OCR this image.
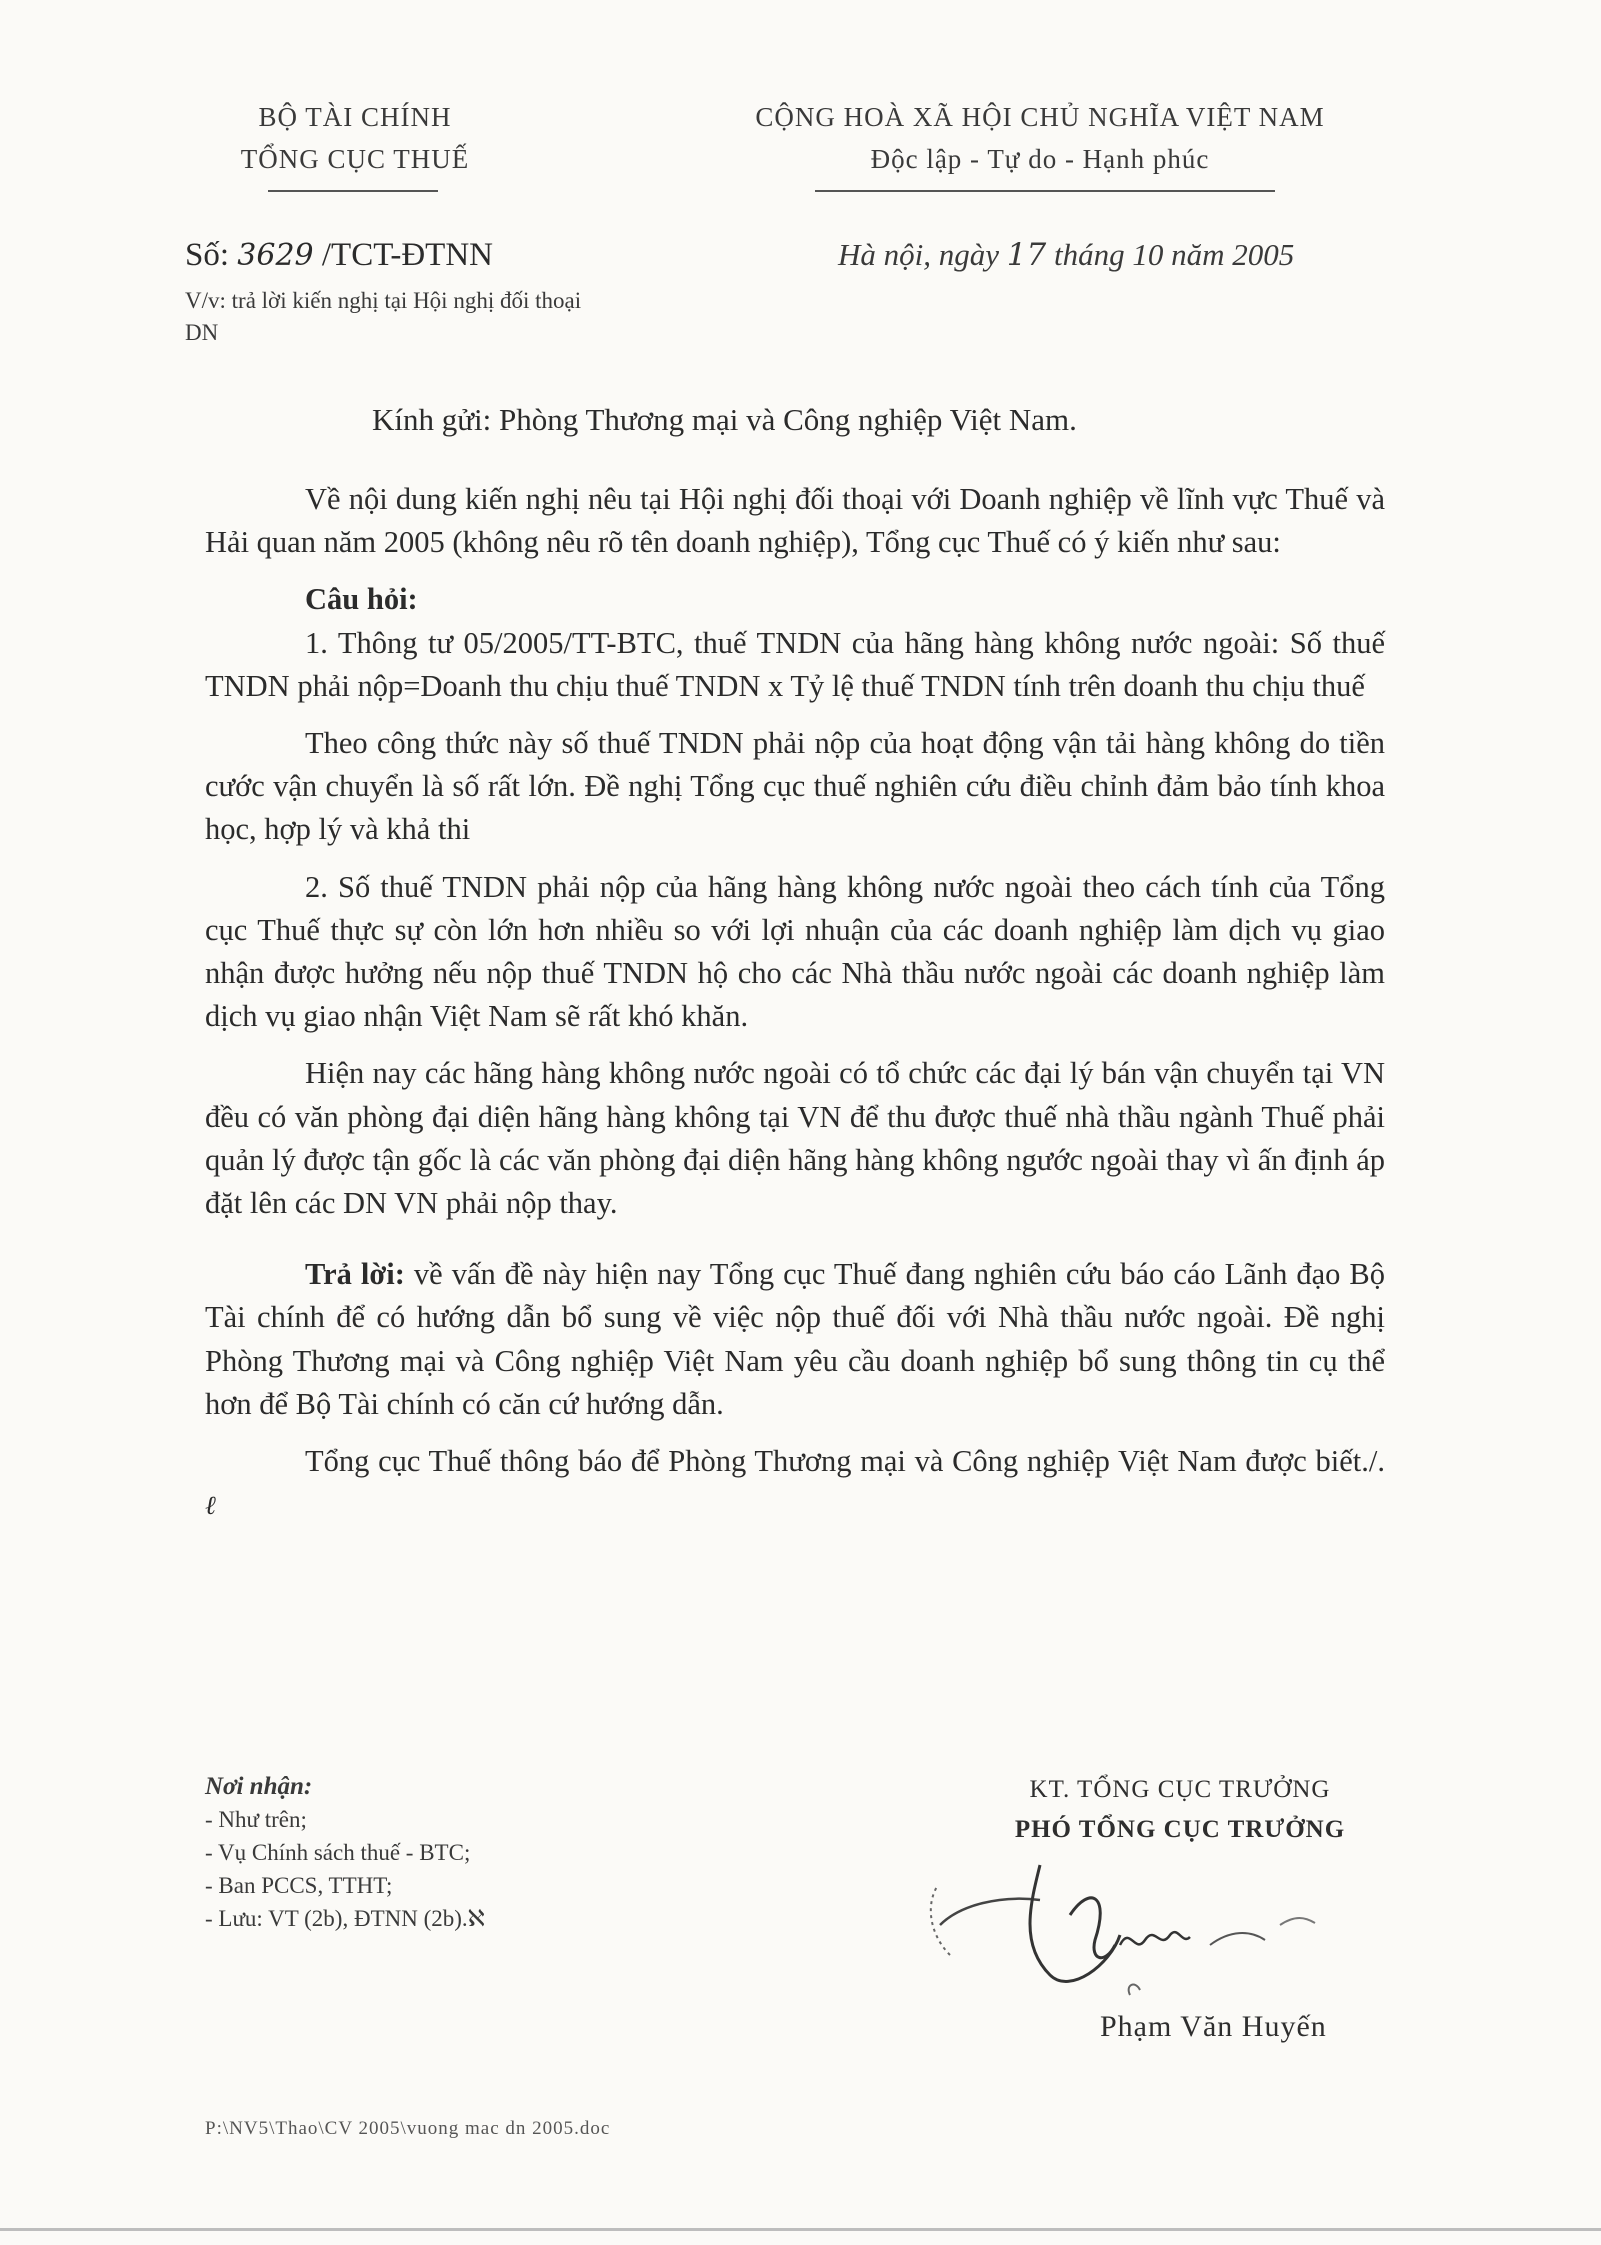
BỘ TÀI CHÍNH
TỔNG CỤC THUẾ
CỘNG HOÀ XÃ HỘI CHỦ NGHĨA VIỆT NAM
Độc lập - Tự do - Hạnh phúc
Số: 3629 /TCT-ĐTNN
V/v: trả lời kiến nghị tại Hội nghị đối thoại DN
Hà nội, ngày 17 tháng 10 năm 2005
Kính gửi: Phòng Thương mại và Công nghiệp Việt Nam.

Về nội dung kiến nghị nêu tại Hội nghị đối thoại với Doanh nghiệp về lĩnh vực Thuế và Hải quan năm 2005 (không nêu rõ tên doanh nghiệp), Tổng cục Thuế có ý kiến như sau:

Câu hỏi:

1. Thông tư 05/2005/TT-BTC, thuế TNDN của hãng hàng không nước ngoài: Số thuế TNDN phải nộp=Doanh thu chịu thuế TNDN x Tỷ lệ thuế TNDN tính trên doanh thu chịu thuế

Theo công thức này số thuế TNDN phải nộp của hoạt động vận tải hàng không do tiền cước vận chuyển là số rất lớn. Đề nghị Tổng cục thuế nghiên cứu điều chỉnh đảm bảo tính khoa học, hợp lý và khả thi

2. Số thuế TNDN phải nộp của hãng hàng không nước ngoài theo cách tính của Tổng cục Thuế thực sự còn lớn hơn nhiều so với lợi nhuận của các doanh nghiệp làm dịch vụ giao nhận được hưởng nếu nộp thuế TNDN hộ cho các Nhà thầu nước ngoài các doanh nghiệp làm dịch vụ giao nhận Việt Nam sẽ rất khó khăn.

Hiện nay các hãng hàng không nước ngoài có tổ chức các đại lý bán vận chuyển tại VN đều có văn phòng đại diện hãng hàng không tại VN để thu được thuế nhà thầu ngành Thuế phải quản lý được tận gốc là các văn phòng đại diện hãng hàng không ngước ngoài thay vì ấn định áp đặt lên các DN VN phải nộp thay.

Trả lời: về vấn đề này hiện nay Tổng cục Thuế đang nghiên cứu báo cáo Lãnh đạo Bộ Tài chính để có hướng dẫn bổ sung về việc nộp thuế đối với Nhà thầu nước ngoài. Đề nghị Phòng Thương mại và Công nghiệp Việt Nam yêu cầu doanh nghiệp bổ sung thông tin cụ thể hơn để Bộ Tài chính có căn cứ hướng dẫn.

Tổng cục Thuế thông báo để Phòng Thương mại và Công nghiệp Việt Nam được biết./. ℓ

Nơi nhận:
- Như trên;
- Vụ Chính sách thuế - BTC;
- Ban PCCS, TTHT;
- Lưu: VT (2b), ĐTNN (2b).ℵ
KT. TỔNG CỤC TRƯỞNG
PHÓ TỔNG CỤC TRƯỞNG
Phạm Văn Huyến
P:\NV5\Thao\CV 2005\vuong mac dn 2005.doc
